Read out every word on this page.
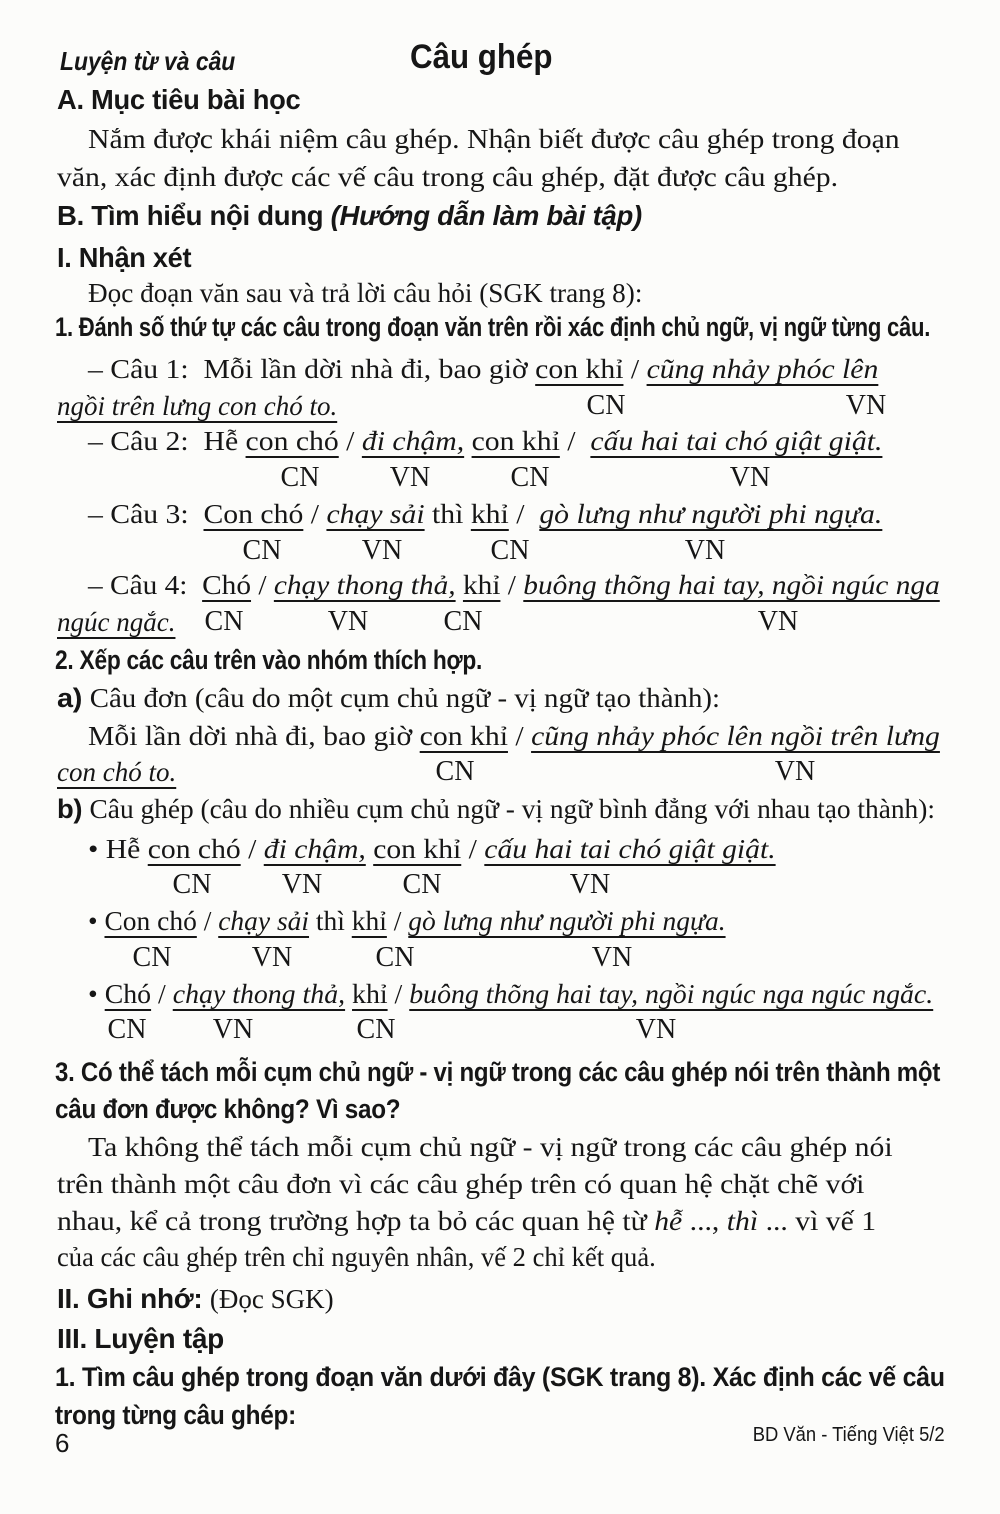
Luyện từ và câu	Câu ghép
A. Mục tiêu bài học
Nắm được khái niệm câu ghép. Nhận biết được câu ghép trong đoạn
văn, xác định được các vế câu trong câu ghép, đặt được câu ghép.
B. Tìm hiểu nội dung (Hướng dẫn làm bài tập)
I. Nhận xét
Đọc đoạn văn sau và trả lời câu hỏi (SGK trang 8):
1. Đánh số thứ tự các câu trong đoạn văn trên rồi xác định chủ ngữ, vị ngữ từng câu.
– Câu 1:  Mỗi lần dời nhà đi, bao giờ con khỉ / cũng nhảy phóc lên
ngồi trên lưng con chó to.	CN	VN
– Câu 2:  Hễ con chó / đi chậm, con khỉ /  cấu hai tai chó giật giật.
CN	VN	CN	VN
– Câu 3:  Con chó / chạy sải thì khỉ /  gò lưng như người phi ngựa.
CN	VN	CN	VN
– Câu 4:  Chó / chạy thong thả, khỉ / buông thõng hai tay, ngồi ngúc nga
ngúc ngắc. CN	VN	CN	VN
2. Xếp các câu trên vào nhóm thích hợp.
a) Câu đơn (câu do một cụm chủ ngữ - vị ngữ tạo thành):
Mỗi lần dời nhà đi, bao giờ con khỉ / cũng nhảy phóc lên ngồi trên lưng
con chó to.	CN	VN
b) Câu ghép (câu do nhiều cụm chủ ngữ - vị ngữ bình đẳng với nhau tạo thành):
• Hễ con chó / đi chậm, con khỉ / cấu hai tai chó giật giật.
CN	VN	CN	VN
• Con chó / chạy sải thì khỉ / gò lưng như người phi ngựa.
CN	VN	CN	VN
• Chó / chạy thong thả, khỉ / buông thõng hai tay, ngồi ngúc nga ngúc ngắc.
CN VN	CN	VN
3. Có thể tách mỗi cụm chủ ngữ - vị ngữ trong các câu ghép nói trên thành một
câu đơn được không? Vì sao?
Ta không thể tách mỗi cụm chủ ngữ - vị ngữ trong các câu ghép nói
trên thành một câu đơn vì các câu ghép trên có quan hệ chặt chẽ với
nhau, kể cả trong trường hợp ta bỏ các quan hệ từ hễ ..., thì ... vì vế 1
của các câu ghép trên chỉ nguyên nhân, vế 2 chỉ kết quả.
II. Ghi nhớ: (Đọc SGK)
III. Luyện tập
1. Tìm câu ghép trong đoạn văn dưới đây (SGK trang 8). Xác định các vế câu
trong từng câu ghép:
BD Văn - Tiếng Việt 5/2
6
